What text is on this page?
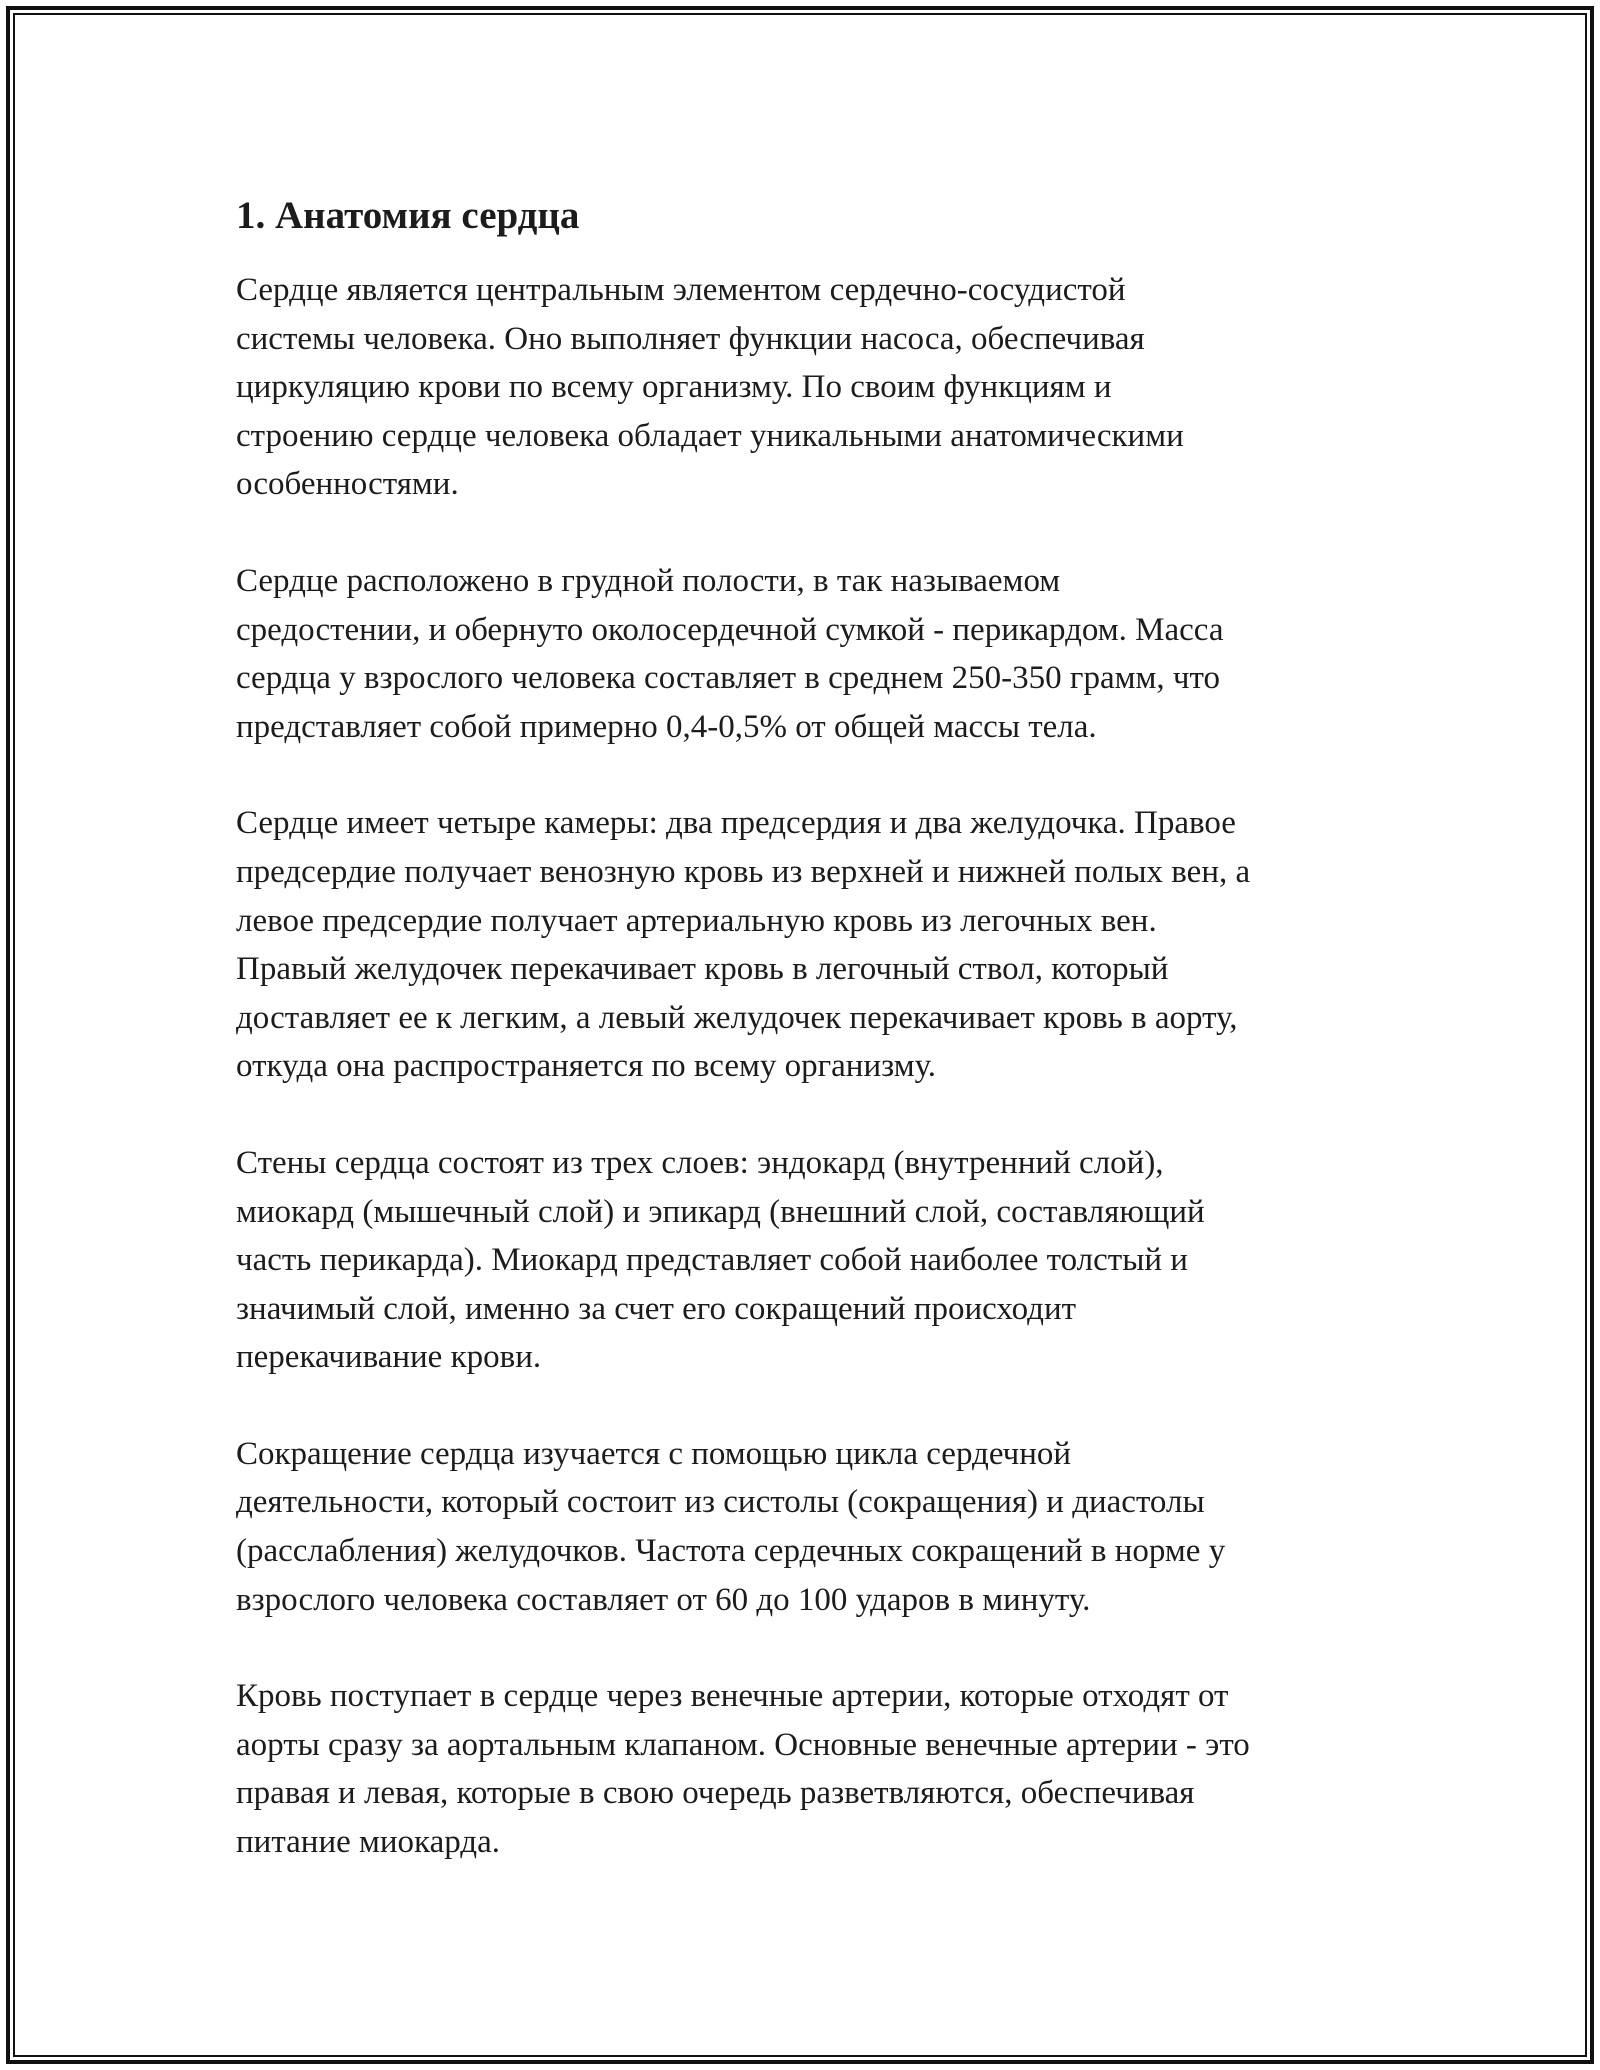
1. Анатомия сердца

Сердце является центральным элементом сердечно-сосудистой
системы человека. Оно выполняет функции насоса, обеспечивая
циркуляцию крови по всему организму. По своим функциям и
строению сердце человека обладает уникальными анатомическими
особенностями.

Сердце расположено в грудной полости, в так называемом
средостении, и обернуто околосердечной сумкой - перикардом. Масса
сердца у взрослого человека составляет в среднем 250-350 грамм, что
представляет собой примерно 0,4-0,5% от общей массы тела.

Сердце имеет четыре камеры: два предсердия и два желудочка. Правое
предсердие получает венозную кровь из верхней и нижней полых вен, а
левое предсердие получает артериальную кровь из легочных вен.
Правый желудочек перекачивает кровь в легочный ствол, который
доставляет ее к легким, а левый желудочек перекачивает кровь в аорту,
откуда она распространяется по всему организму.

Стены сердца состоят из трех слоев: эндокард (внутренний слой),
миокард (мышечный слой) и эпикард (внешний слой, составляющий
часть перикарда). Миокард представляет собой наиболее толстый и
значимый слой, именно за счет его сокращений происходит
перекачивание крови.

Сокращение сердца изучается с помощью цикла сердечной
деятельности, который состоит из систолы (сокращения) и диастолы
(расслабления) желудочков. Частота сердечных сокращений в норме у
взрослого человека составляет от 60 до 100 ударов в минуту.

Кровь поступает в сердце через венечные артерии, которые отходят от
аорты сразу за аортальным клапаном. Основные венечные артерии - это
правая и левая, которые в свою очередь разветвляются, обеспечивая
питание миокарда.
